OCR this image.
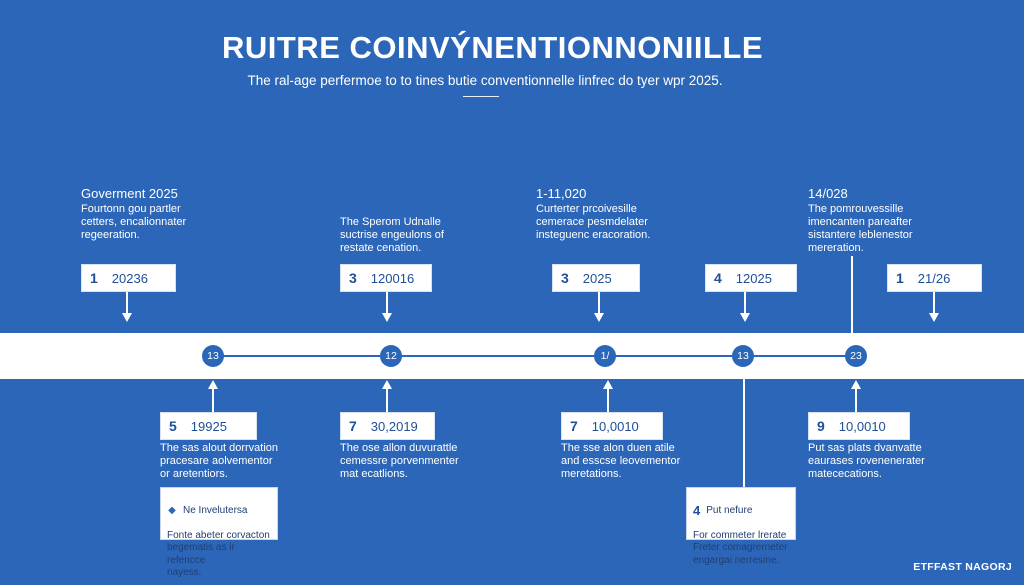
RUITRE COINVÝNENTIONNONIILLE
The ral-age perfermoe to to tines butie conventionnelle linfrec do tyer wpr 2025.
13	12	1/	13	23
Goverment 2025
Fourtonn gou partler
cetters, encalionnater
regeeration.
1 20236
The Sperom Udnalle
suctrise engeulons of
restate cenation.
3 120016
1-11,020
Curterter prcoivesille
cemerace pesmdelater
insteguenc eracoration.
3 2025	4 12025
14/028
The pomrouvessille
imencanten pareafter
sistantere leblenestor
mereration.
1 21/26
5 19925
The sas alout dorrvation
pracesare aolvementor
or aretentiors.
7 30,2019
The ose allon duvurattle
cemessre porvenmenter
mat ecatlions.
7 10,0010
The sse alon duen atile
and esscse leovementor
meretations.
9 10,0010
Put sas plats dvanvatte
eaurases rovenenerater
matececations.

◆ Ne Invelutersa

Fonte abeter corvacton
begematis as ir refencce
nayess.

4 Put nefure

For commeter lrerate
Freter comagrerneter
engargai nerresine.

ETFFAST NAGORJ
